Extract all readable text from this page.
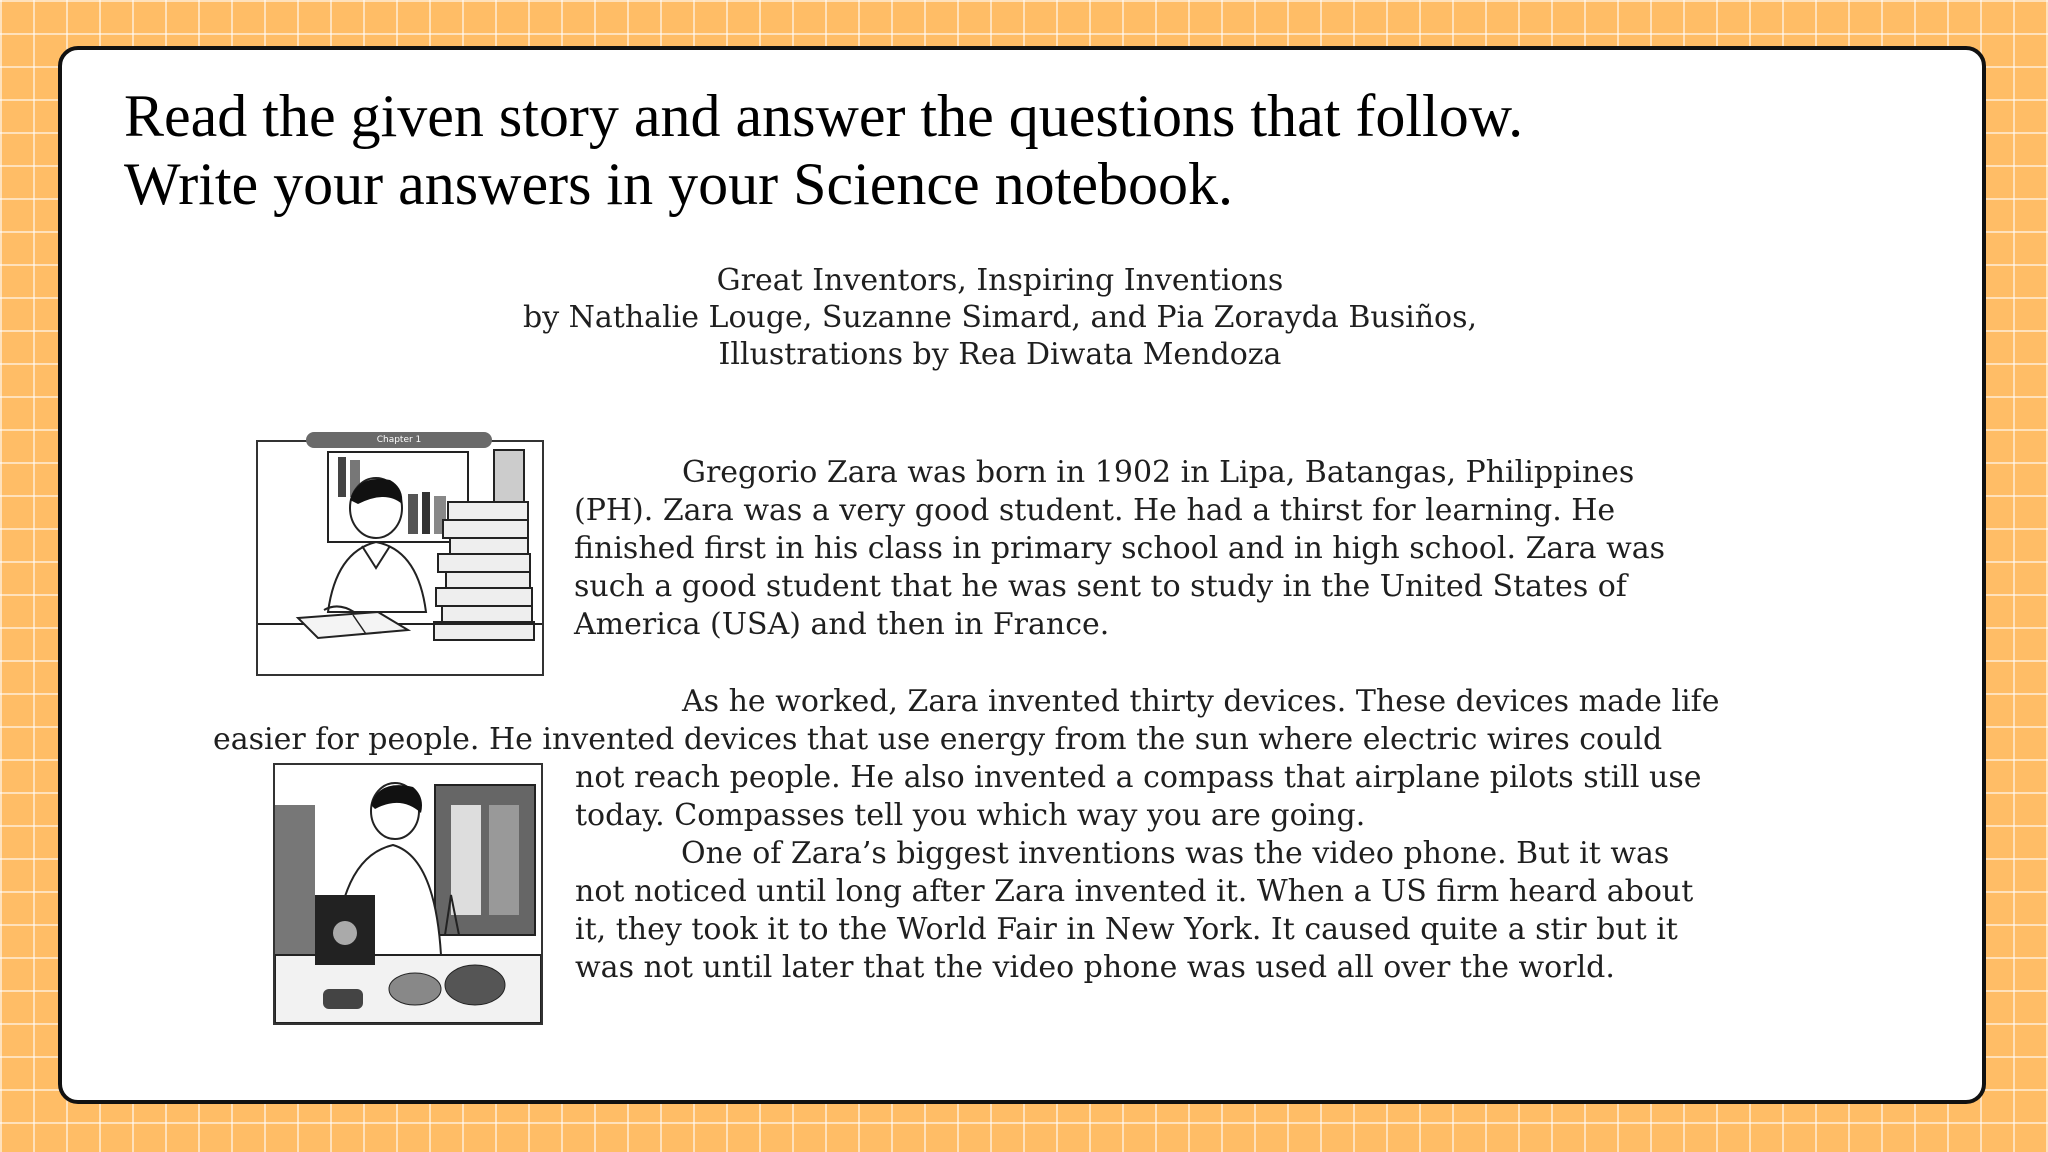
Read the given story and answer the questions that follow.
Write your answers in your Science notebook.
Great Inventors, Inspiring Inventions
by Nathalie Louge, Suzanne Simard, and Pia Zorayda Busiños,
Illustrations by Rea Diwata Mendoza
Chapter 1
Gregorio Zara was born in 1902 in Lipa, Batangas, Philippines
(PH). Zara was a very good student. He had a thirst for learning. He
finished first in his class in primary school and in high school. Zara was
such a good student that he was sent to study in the United States of
America (USA) and then in France.
As he worked, Zara invented thirty devices. These devices made life
easier for people. He invented devices that use energy from the sun where electric wires could
not reach people. He also invented a compass that airplane pilots still use
today. Compasses tell you which way you are going.
One of Zara’s biggest inventions was the video phone. But it was
not noticed until long after Zara invented it. When a US firm heard about
it, they took it to the World Fair in New York. It caused quite a stir but it
was not until later that the video phone was used all over the world.
